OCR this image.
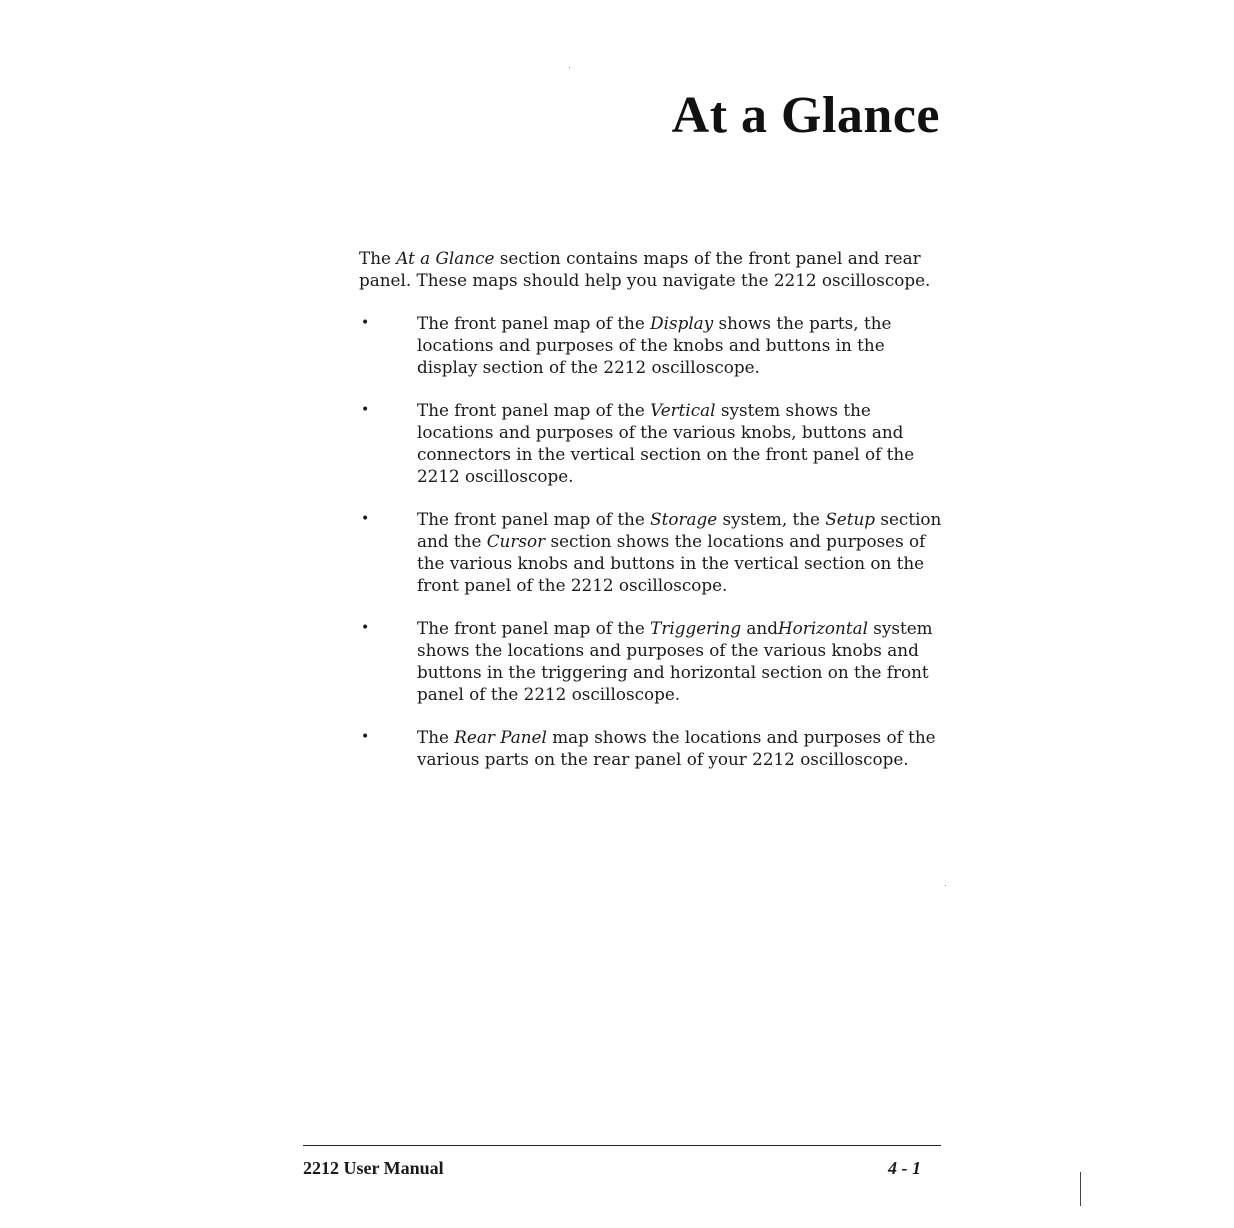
At a Glance

The At a Glance section contains maps of the front panel and rear panel. These maps should help you navigate the 2212 oscilloscope.

•	The front panel map of the Display shows the parts, the locations and purposes of the knobs and buttons in the display section of the 2212 oscilloscope.
•	The front panel map of the Vertical system shows the locations and purposes of the various knobs, buttons and connectors in the vertical section on the front panel of the 2212 oscilloscope.
•	The front panel map of the Storage system, the Setup section and the Cursor section shows the locations and purposes of the various knobs and buttons in the vertical section on the front panel of the 2212 oscilloscope.
•	The front panel map of the Triggering andHorizontal system shows the locations and purposes of the various knobs and buttons in the triggering and horizontal section on the front panel of the 2212 oscilloscope.
•	The Rear Panel map shows the locations and purposes of the various parts on the rear panel of your 2212 oscilloscope.
2212 User Manual	4 - 1
